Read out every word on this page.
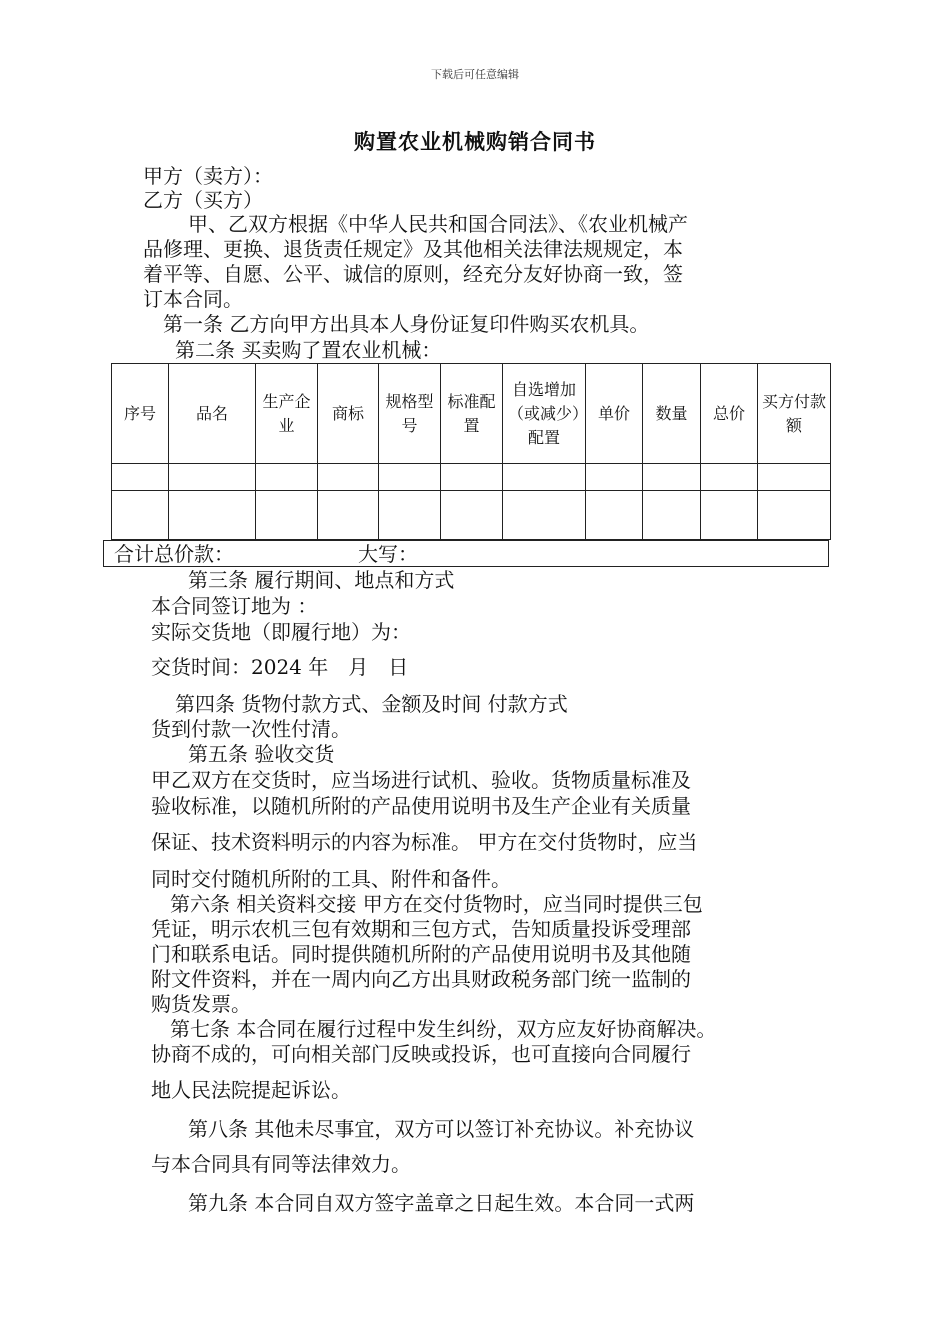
下载后可任意编辑
购置农业机械购销合同书
甲方（卖方）：
乙方（买方）
甲、乙双方根据《中华人民共和国合同法》、《农业机械产
品修理、更换、退货责任规定》及其他相关法律法规规定，本
着平等、自愿、公平、诚信的原则，经充分友好协商一致，签
订本合同。
第一条 乙方向甲方出具本人身份证复印件购买农机具。
第二条 买卖购了置农业机械：
序号	品名	生产企业	商标	规格型号	标准配置	自选增加（或减少）配置	单价	数量	总价	买方付款额

合计总价款：	大写：
第三条 履行期间、地点和方式
本合同签订地为 ：
实际交货地（即履行地）为：
交货时间：2024 年　月　日
第四条 货物付款方式、金额及时间 付款方式
货到付款一次性付清。
第五条 验收交货
甲乙双方在交货时，应当场进行试机、验收。货物质量标准及
验收标准，以随机所附的产品使用说明书及生产企业有关质量
保证、技术资料明示的内容为标准。 甲方在交付货物时，应当
同时交付随机所附的工具、附件和备件。
第六条 相关资料交接 甲方在交付货物时，应当同时提供三包
凭证，明示农机三包有效期和三包方式，告知质量投诉受理部
门和联系电话。同时提供随机所附的产品使用说明书及其他随
附文件资料，并在一周内向乙方出具财政税务部门统一监制的
购货发票。
第七条 本合同在履行过程中发生纠纷，双方应友好协商解决。
协商不成的，可向相关部门反映或投诉，也可直接向合同履行
地人民法院提起诉讼。
第八条 其他未尽事宜，双方可以签订补充协议。补充协议
与本合同具有同等法律效力。
第九条 本合同自双方签字盖章之日起生效。本合同一式两
